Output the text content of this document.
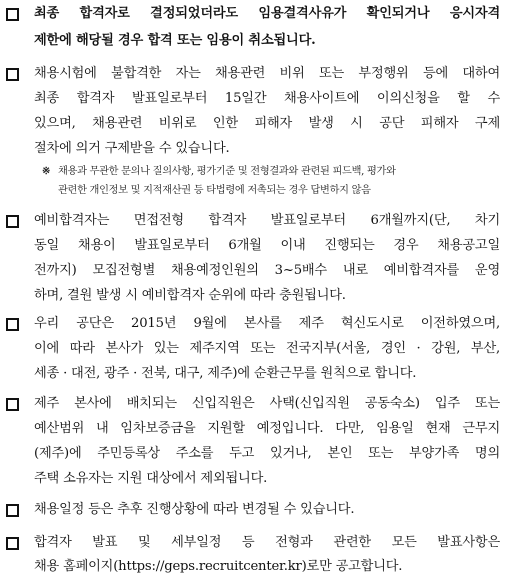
최종 합격자로 결정되었더라도 임용결격사유가 확인되거나 응시자격
제한에 해당될 경우 합격 또는 임용이 취소됩니다.
채용시험에 불합격한 자는 채용관련 비위 또는 부정행위 등에 대하여
최종 합격자 발표일로부터 15일간 채용사이트에 이의신청을 할 수
있으며, 채용관련 비위로 인한 피해자 발생 시 공단 피해자 구제
절차에 의거 구제받을 수 있습니다.
※ 채용과 무관한 문의나 질의사항, 평가기준 및 전형결과와 관련된 피드백, 평가와
관련한 개인정보 및 지적재산권 등 타법령에 저촉되는 경우 답변하지 않음
예비합격자는 면접전형 합격자 발표일로부터 6개월까지(단, 차기
동일 채용이 발표일로부터 6개월 이내 진행되는 경우 채용공고일
전까지) 모집전형별 채용예정인원의 3~5배수 내로 예비합격자를 운영
하며, 결원 발생 시 예비합격자 순위에 따라 충원됩니다.
우리 공단은 2015년 9월에 본사를 제주 혁신도시로 이전하였으며,
이에 따라 본사가 있는 제주지역 또는 전국지부(서울, 경인 · 강원, 부산,
세종 · 대전, 광주 · 전북, 대구, 제주)에 순환근무를 원칙으로 합니다.
제주 본사에 배치되는 신입직원은 사택(신입직원 공동숙소) 입주 또는
예산범위 내 임차보증금을 지원할 예정입니다. 다만, 임용일 현재 근무지
(제주)에 주민등록상 주소를 두고 있거나, 본인 또는 부양가족 명의
주택 소유자는 지원 대상에서 제외됩니다.
채용일정 등은 추후 진행상황에 따라 변경될 수 있습니다.
합격자 발표 및 세부일정 등 전형과 관련한 모든 발표사항은
채용 홈페이지(https://geps.recruitcenter.kr)로만 공고합니다.
